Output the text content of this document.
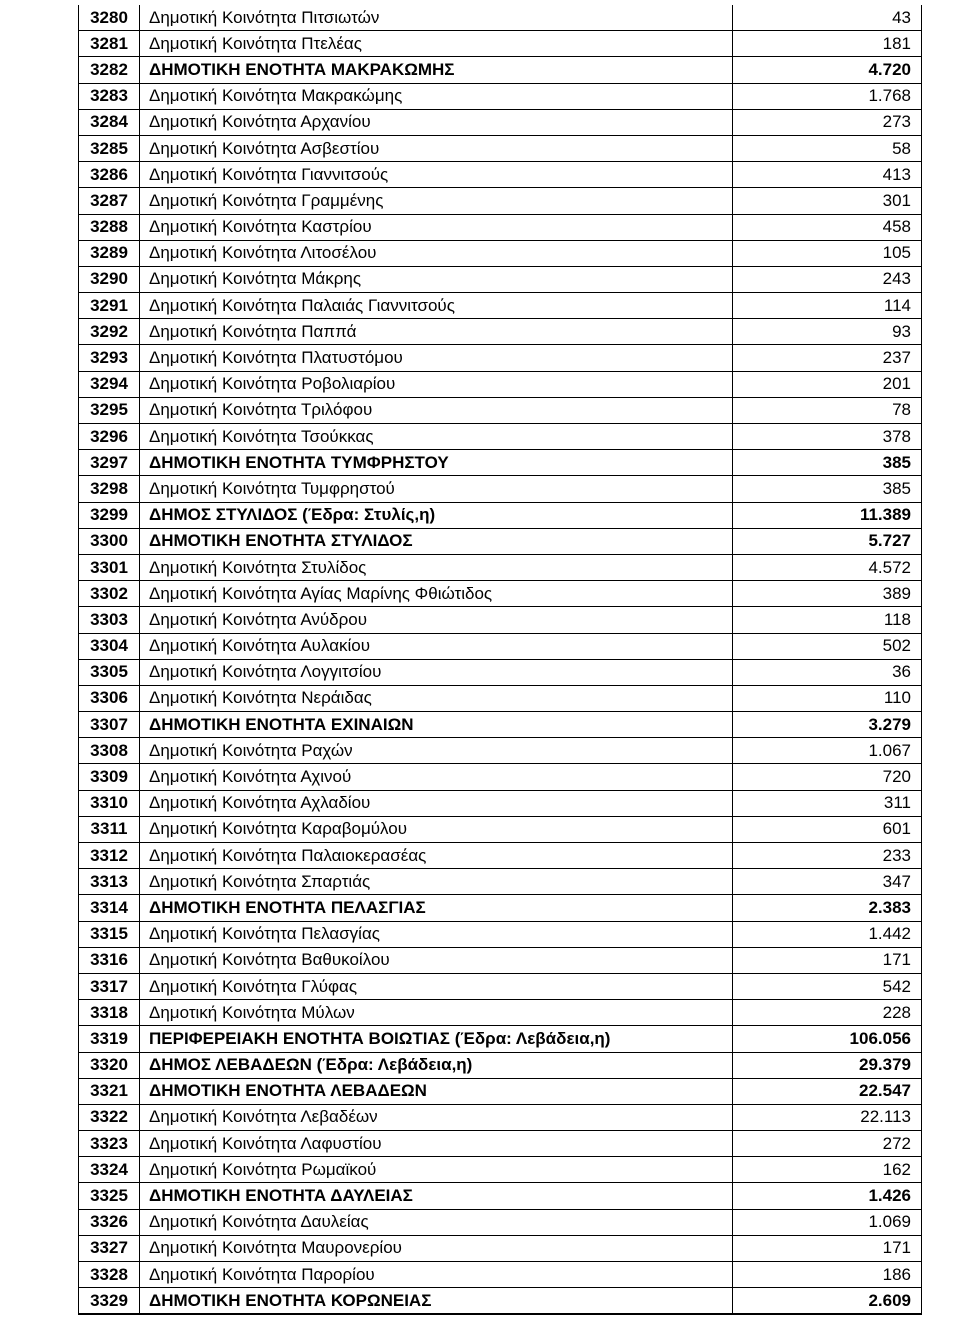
3280	Δημοτική Κοινότητα Πιτσιωτών	43
3281	Δημοτική Κοινότητα Πτελέας	181
3282	ΔΗΜΟΤΙΚΗ ΕΝΟΤΗΤΑ ΜΑΚΡΑΚΩΜΗΣ	4.720
3283	Δημοτική Κοινότητα Μακρακώμης	1.768
3284	Δημοτική Κοινότητα Αρχανίου	273
3285	Δημοτική Κοινότητα Ασβεστίου	58
3286	Δημοτική Κοινότητα Γιαννιτσούς	413
3287	Δημοτική Κοινότητα Γραμμένης	301
3288	Δημοτική Κοινότητα Καστρίου	458
3289	Δημοτική Κοινότητα Λιτοσέλου	105
3290	Δημοτική Κοινότητα Μάκρης	243
3291	Δημοτική Κοινότητα Παλαιάς Γιαννιτσούς	114
3292	Δημοτική Κοινότητα Παππά	93
3293	Δημοτική Κοινότητα Πλατυστόμου	237
3294	Δημοτική Κοινότητα Ροβολιαρίου	201
3295	Δημοτική Κοινότητα Τριλόφου	78
3296	Δημοτική Κοινότητα Τσούκκας	378
3297	ΔΗΜΟΤΙΚΗ ΕΝΟΤΗΤΑ ΤΥΜΦΡΗΣΤΟΥ	385
3298	Δημοτική Κοινότητα Τυμφρηστού	385
3299	ΔΗΜΟΣ ΣΤΥΛΙΔΟΣ (Έδρα: Στυλίς,η)	11.389
3300	ΔΗΜΟΤΙΚΗ ΕΝΟΤΗΤΑ ΣΤΥΛΙΔΟΣ	5.727
3301	Δημοτική Κοινότητα Στυλίδος	4.572
3302	Δημοτική Κοινότητα Αγίας Μαρίνης Φθιώτιδος	389
3303	Δημοτική Κοινότητα Ανύδρου	118
3304	Δημοτική Κοινότητα Αυλακίου	502
3305	Δημοτική Κοινότητα Λογγιτσίου	36
3306	Δημοτική Κοινότητα Νεράιδας	110
3307	ΔΗΜΟΤΙΚΗ ΕΝΟΤΗΤΑ ΕΧΙΝΑΙΩΝ	3.279
3308	Δημοτική Κοινότητα Ραχών	1.067
3309	Δημοτική Κοινότητα Αχινού	720
3310	Δημοτική Κοινότητα Αχλαδίου	311
3311	Δημοτική Κοινότητα Καραβομύλου	601
3312	Δημοτική Κοινότητα Παλαιοκερασέας	233
3313	Δημοτική Κοινότητα Σπαρτιάς	347
3314	ΔΗΜΟΤΙΚΗ ΕΝΟΤΗΤΑ ΠΕΛΑΣΓΙΑΣ	2.383
3315	Δημοτική Κοινότητα Πελασγίας	1.442
3316	Δημοτική Κοινότητα Βαθυκοίλου	171
3317	Δημοτική Κοινότητα Γλύφας	542
3318	Δημοτική Κοινότητα Μύλων	228
3319	ΠΕΡΙΦΕΡΕΙΑΚΗ ΕΝΟΤΗΤΑ ΒΟΙΩΤΙΑΣ (Έδρα: Λεβάδεια,η)	106.056
3320	ΔΗΜΟΣ ΛΕΒΑΔΕΩΝ (Έδρα: Λεβάδεια,η)	29.379
3321	ΔΗΜΟΤΙΚΗ ΕΝΟΤΗΤΑ ΛΕΒΑΔΕΩΝ	22.547
3322	Δημοτική Κοινότητα Λεβαδέων	22.113
3323	Δημοτική Κοινότητα Λαφυστίου	272
3324	Δημοτική Κοινότητα Ρωμαϊκού	162
3325	ΔΗΜΟΤΙΚΗ ΕΝΟΤΗΤΑ ΔΑΥΛΕΙΑΣ	1.426
3326	Δημοτική Κοινότητα Δαυλείας	1.069
3327	Δημοτική Κοινότητα Μαυρονερίου	171
3328	Δημοτική Κοινότητα Παρορίου	186
3329	ΔΗΜΟΤΙΚΗ ΕΝΟΤΗΤΑ ΚΟΡΩΝΕΙΑΣ	2.609
